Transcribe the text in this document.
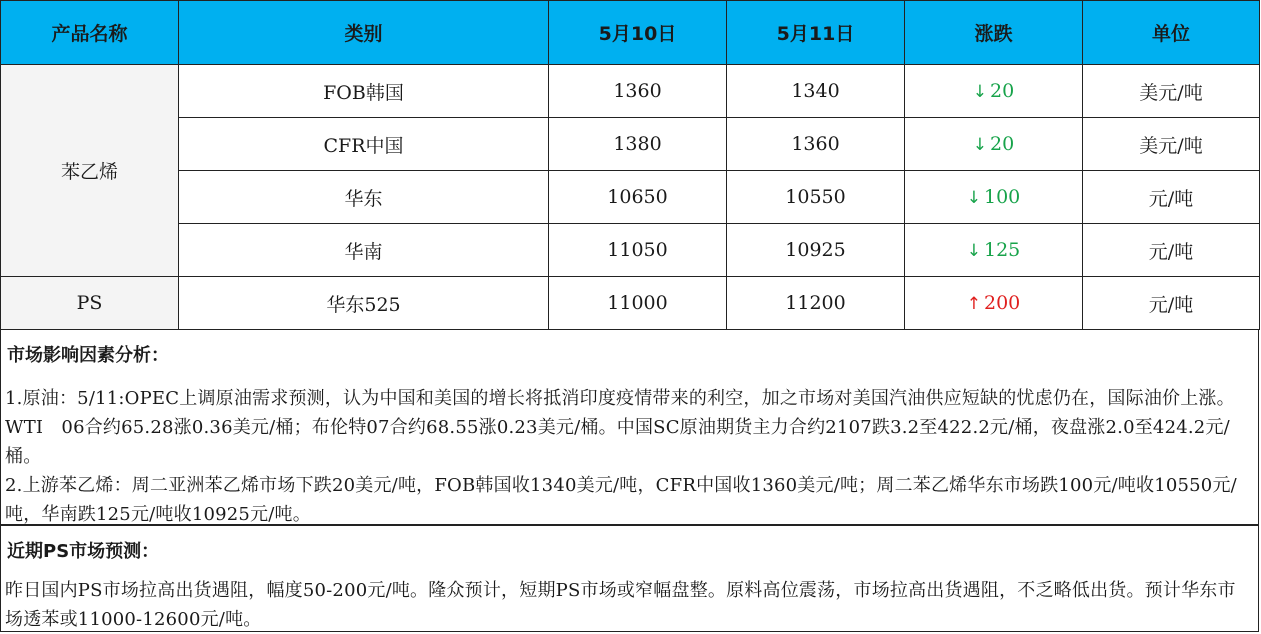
产品名称	类别	5月10日	5月11日	涨跌	单位
苯乙烯	FOB韩国	1360	1340	↓ 20	美元/吨
	CFR中国	1380	1360	↓ 20	美元/吨
	华东	10650	10550	↓ 100	元/吨
	华南	11050	10925	↓ 125	元/吨
PS	华东525	11000	11200	↑ 200	元/吨
市场影响因素分析：
1.原油：5/11:OPEC上调原油需求预测，认为中国和美国的增长将抵消印度疫情带来的利空，加之市场对美国汽油供应短缺的忧虑仍在，国际油价上涨。WTI　06合约65.28涨0.36美元/桶；布伦特07合约68.55涨0.23美元/桶。中国SC原油期货主力合约2107跌3.2至422.2元/桶，夜盘涨2.0至424.2元/桶。
2.上游苯乙烯：周二亚洲苯乙烯市场下跌20美元/吨，FOB韩国收1340美元/吨，CFR中国收1360美元/吨；周二苯乙烯华东市场跌100元/吨收10550元/吨，华南跌125元/吨收10925元/吨。
近期PS市场预测：
昨日国内PS市场拉高出货遇阻，幅度50-200元/吨。隆众预计，短期PS市场或窄幅盘整。原料高位震荡，市场拉高出货遇阻，不乏略低出货。预计华东市场透苯或11000-12600元/吨。
